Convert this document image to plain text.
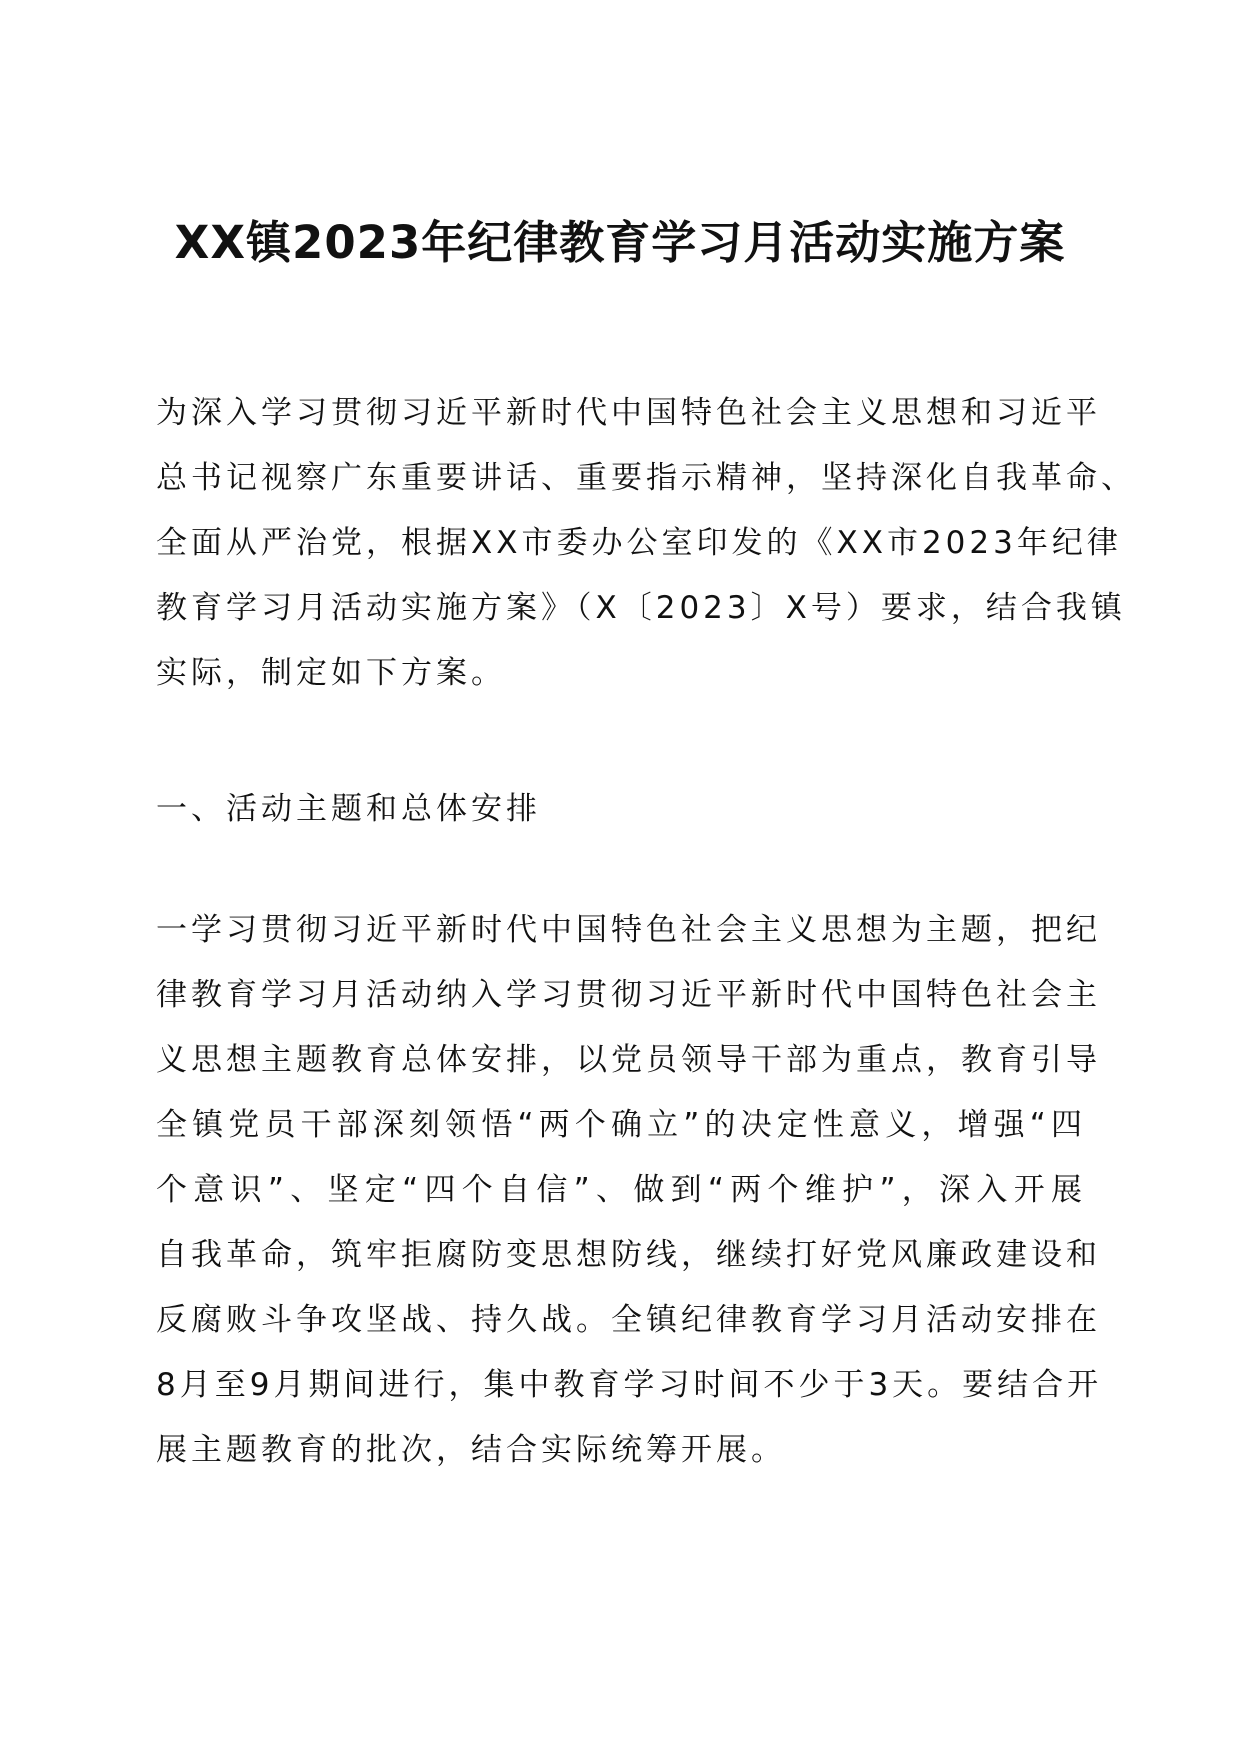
XX镇2023年纪律教育学习月活动实施方案
为深入学习贯彻习近平新时代中国特色社会主义思想和习近平
总书记视察广东重要讲话、重要指示精神，坚持深化自我革命、
全面从严治党，根据XX市委办公室印发的《XX市2023年纪律
教育学习月活动实施方案》（X〔2023〕X号）要求，结合我镇
实际，制定如下方案。
一、活动主题和总体安排
一学习贯彻习近平新时代中国特色社会主义思想为主题，把纪
律教育学习月活动纳入学习贯彻习近平新时代中国特色社会主
义思想主题教育总体安排，以党员领导干部为重点，教育引导
全镇党员干部深刻领悟“两个确立”的决定性意义，增强“四
个意识”、坚定“四个自信”、做到“两个维护”，深入开展
自我革命，筑牢拒腐防变思想防线，继续打好党风廉政建设和
反腐败斗争攻坚战、持久战。全镇纪律教育学习月活动安排在
8月至9月期间进行，集中教育学习时间不少于3天。要结合开
展主题教育的批次，结合实际统筹开展。
